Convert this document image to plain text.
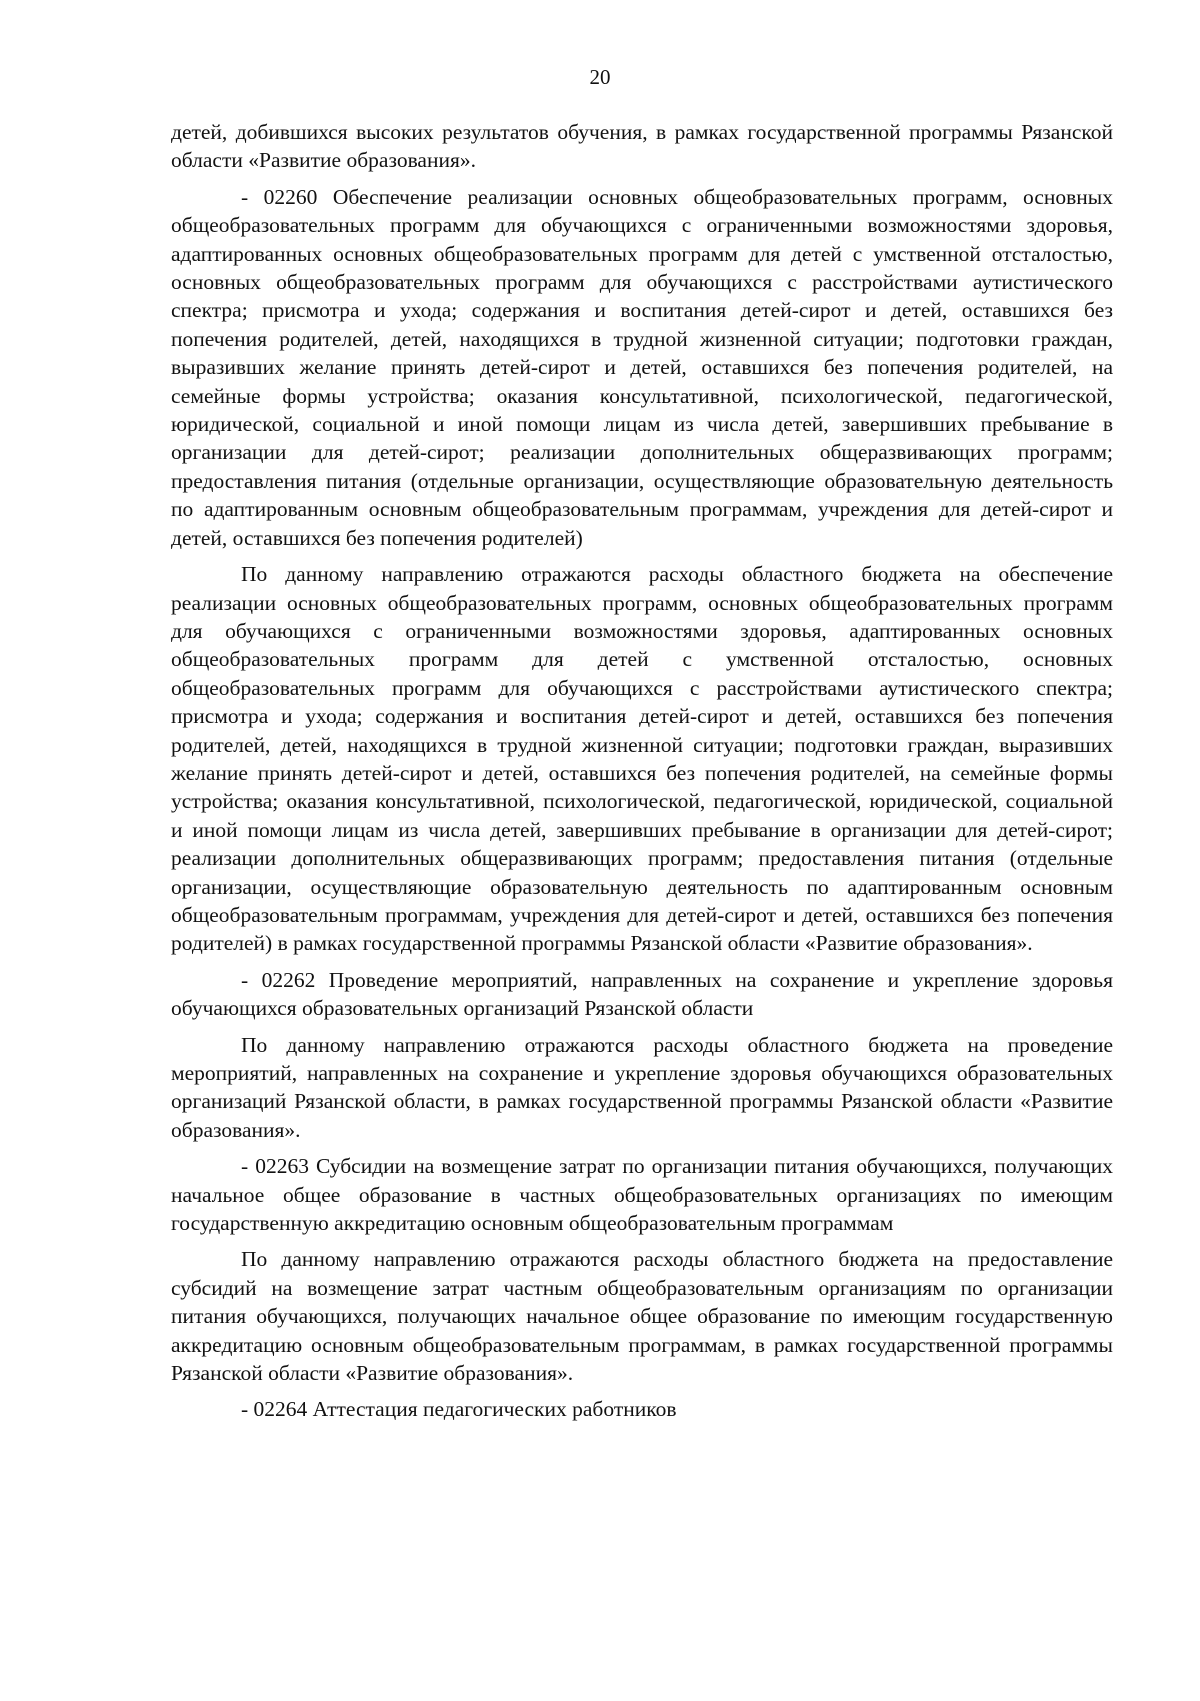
20

детей, добившихся высоких результатов обучения, в рамках государственной программы Рязанской области «Развитие образования».

- 02260 Обеспечение реализации основных общеобразовательных программ, основных общеобразовательных программ для обучающихся с ограниченными возможностями здоровья, адаптированных основных общеобразовательных программ для детей с умственной отсталостью, основных общеобразовательных программ для обучающихся с расстройствами аутистического спектра; присмотра и ухода; содержания и воспитания детей-сирот и детей, оставшихся без попечения родителей, детей, находящихся в трудной жизненной ситуации; подготовки граждан, выразивших желание принять детей-сирот и детей, оставшихся без попечения родителей, на семейные формы устройства; оказания консультативной, психологической, педагогической, юридической, социальной и иной помощи лицам из числа детей, завершивших пребывание в организации для детей-сирот; реализации дополнительных общеразвивающих программ; предоставления питания (отдельные организации, осуществляющие образовательную деятельность по адаптированным основным общеобразовательным программам, учреждения для детей-сирот и детей, оставшихся без попечения родителей)

По данному направлению отражаются расходы областного бюджета на обеспечение реализации основных общеобразовательных программ, основных общеобразовательных программ для обучающихся с ограниченными возможностями здоровья, адаптированных основных общеобразовательных программ для детей с умственной отсталостью, основных общеобразовательных программ для обучающихся с расстройствами аутистического спектра; присмотра и ухода; содержания и воспитания детей-сирот и детей, оставшихся без попечения родителей, детей, находящихся в трудной жизненной ситуации; подготовки граждан, выразивших желание принять детей-сирот и детей, оставшихся без попечения родителей, на семейные формы устройства; оказания консультативной, психологической, педагогической, юридической, социальной и иной помощи лицам из числа детей, завершивших пребывание в организации для детей-сирот; реализации дополнительных общеразвивающих программ; предоставления питания (отдельные организации, осуществляющие образовательную деятельность по адаптированным основным общеобразовательным программам, учреждения для детей-сирот и детей, оставшихся без попечения родителей) в рамках государственной программы Рязанской области «Развитие образования».

- 02262 Проведение мероприятий, направленных на сохранение и укрепление здоровья обучающихся образовательных организаций Рязанской области

По данному направлению отражаются расходы областного бюджета на проведение мероприятий, направленных на сохранение и укрепление здоровья обучающихся образовательных организаций Рязанской области, в рамках государственной программы Рязанской области «Развитие образования».

- 02263 Субсидии на возмещение затрат по организации питания обучающихся, получающих начальное общее образование в частных общеобразовательных организациях по имеющим государственную аккредитацию основным общеобразовательным программам

По данному направлению отражаются расходы областного бюджета на предоставление субсидий на возмещение затрат частным общеобразовательным организациям по организации питания обучающихся, получающих начальное общее образование по имеющим государственную аккредитацию основным общеобразовательным программам, в рамках государственной программы Рязанской области «Развитие образования».

- 02264 Аттестация педагогических работников
